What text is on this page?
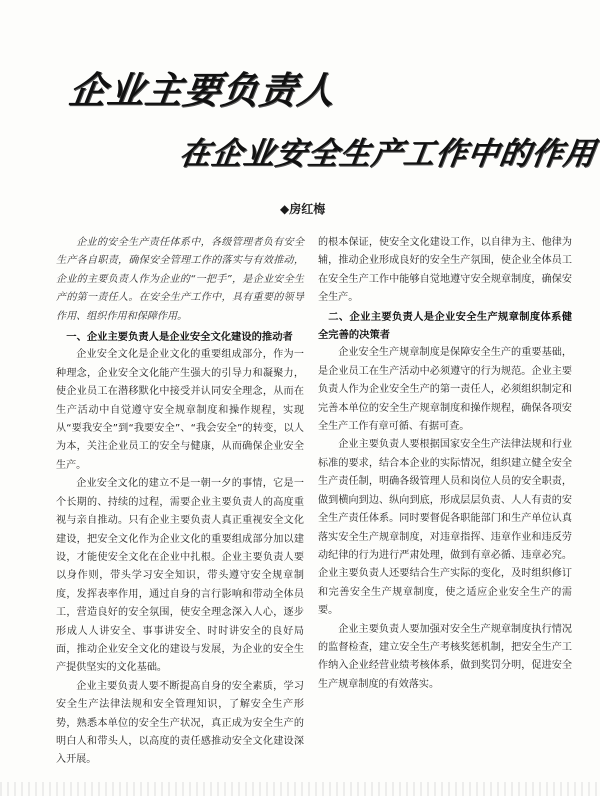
企业主要负责人
在企业安全生产工作中的作用
◆房红梅

企业的安全生产责任体系中，各级管理者负有安全生产各自职责，确保安全管理工作的落实与有效推动，企业的主要负责人作为企业的“一把手”，是企业安全生产的第一责任人。在安全生产工作中，具有重要的领导作用、组织作用和保障作用。

一、企业主要负责人是企业安全文化建设的推动者

企业安全文化是企业文化的重要组成部分，作为一种理念，企业安全文化能产生强大的引导力和凝聚力，使企业员工在潜移默化中接受并认同安全理念，从而在生产活动中自觉遵守安全规章制度和操作规程，实现从“要我安全”到“我要安全”、“我会安全”的转变，以人为本，关注企业员工的安全与健康，从而确保企业安全生产。

企业安全文化的建立不是一朝一夕的事情，它是一个长期的、持续的过程，需要企业主要负责人的高度重视与亲自推动。只有企业主要负责人真正重视安全文化建设，把安全文化作为企业文化的重要组成部分加以建设，才能使安全文化在企业中扎根。企业主要负责人要以身作则，带头学习安全知识，带头遵守安全规章制度，发挥表率作用，通过自身的言行影响和带动全体员工，营造良好的安全氛围，使安全理念深入人心，逐步形成人人讲安全、事事讲安全、时时讲安全的良好局面，推动企业安全文化的建设与发展，为企业的安全生产提供坚实的文化基础。

企业主要负责人要不断提高自身的安全素质，学习安全生产法律法规和安全管理知识，了解安全生产形势，熟悉本单位的安全生产状况，真正成为安全生产的明白人和带头人，以高度的责任感推动安全文化建设深入开展。

的根本保证，使安全文化建设工作，以自律为主、他律为辅，推动企业形成良好的安全生产氛围，使企业全体员工在安全生产工作中能够自觉地遵守安全规章制度，确保安全生产。

二、企业主要负责人是企业安全生产规章制度体系健全完善的决策者

企业安全生产规章制度是保障安全生产的重要基础，是企业员工在生产活动中必须遵守的行为规范。企业主要负责人作为企业安全生产的第一责任人，必须组织制定和完善本单位的安全生产规章制度和操作规程，确保各项安全生产工作有章可循、有据可查。

企业主要负责人要根据国家安全生产法律法规和行业标准的要求，结合本企业的实际情况，组织建立健全安全生产责任制，明确各级管理人员和岗位人员的安全职责，做到横向到边、纵向到底，形成层层负责、人人有责的安全生产责任体系。同时要督促各职能部门和生产单位认真落实安全生产规章制度，对违章指挥、违章作业和违反劳动纪律的行为进行严肃处理，做到有章必循、违章必究。企业主要负责人还要结合生产实际的变化，及时组织修订和完善安全生产规章制度，使之适应企业安全生产的需要。

企业主要负责人要加强对安全生产规章制度执行情况的监督检查，建立安全生产考核奖惩机制，把安全生产工作纳入企业经营业绩考核体系，做到奖罚分明，促进安全生产规章制度的有效落实。
